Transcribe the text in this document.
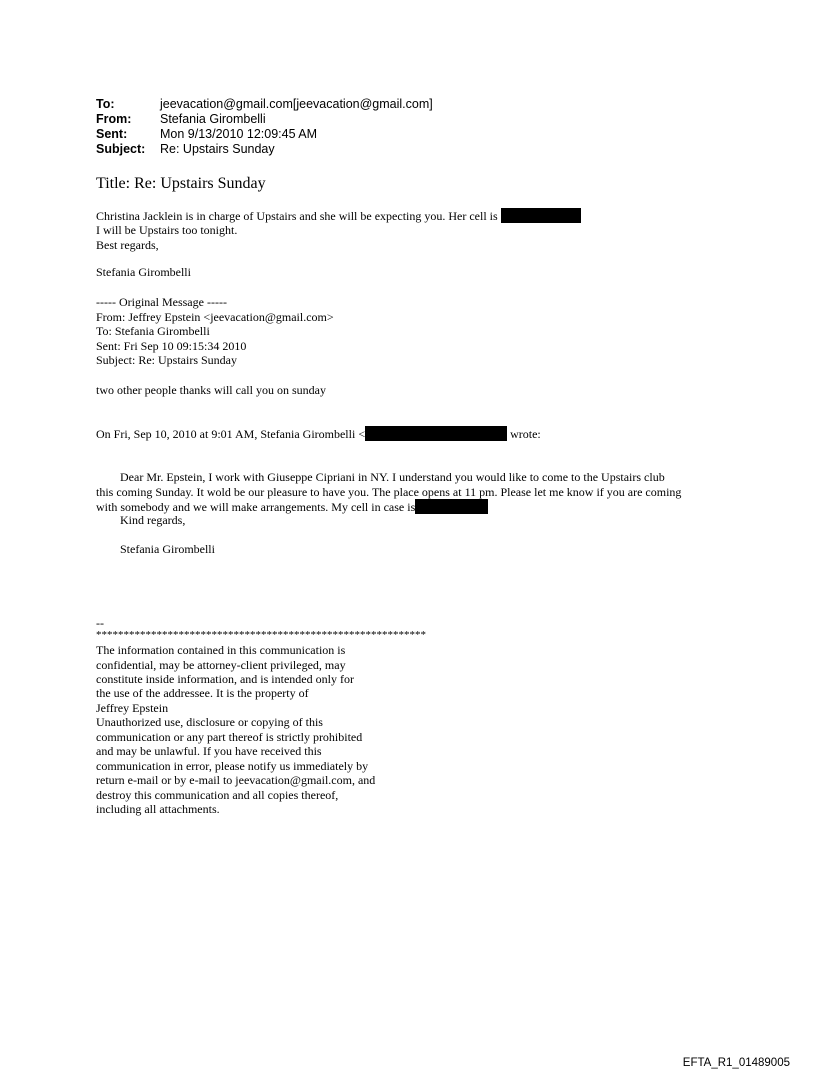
To:	jeevacation@gmail.com[jeevacation@gmail.com]
From:	Stefania Girombelli
Sent:	Mon 9/13/2010 12:09:45 AM
Subject:	Re: Upstairs Sunday
Title: Re: Upstairs Sunday
Christina Jacklein is in charge of Upstairs and she will be expecting you. Her cell is
I will be Upstairs too tonight.
Best regards,
Stefania Girombelli
----- Original Message -----
From: Jeffrey Epstein <jeevacation@gmail.com>
To: Stefania Girombelli
Sent: Fri Sep 10 09:15:34 2010
Subject: Re: Upstairs Sunday
two other people thanks will call you on sunday
On Fri, Sep 10, 2010 at 9:01 AM, Stefania Girombelli <	wrote:
Dear Mr. Epstein, I work with Giuseppe Cipriani in NY. I understand you would like to come to the Upstairs club
this coming Sunday. It wold be our pleasure to have you. The place opens at 11 pm. Please let me know if you are coming
with somebody and we will make arrangements. My cell in case is
Kind regards,
Stefania Girombelli
--
************************************************************
The information contained in this communication is
confidential, may be attorney-client privileged, may
constitute inside information, and is intended only for
the use of the addressee. It is the property of
Jeffrey Epstein
Unauthorized use, disclosure or copying of this
communication or any part thereof is strictly prohibited
and may be unlawful. If you have received this
communication in error, please notify us immediately by
return e-mail or by e-mail to jeevacation@gmail.com, and
destroy this communication and all copies thereof,
including all attachments.
EFTA_R1_01489005
